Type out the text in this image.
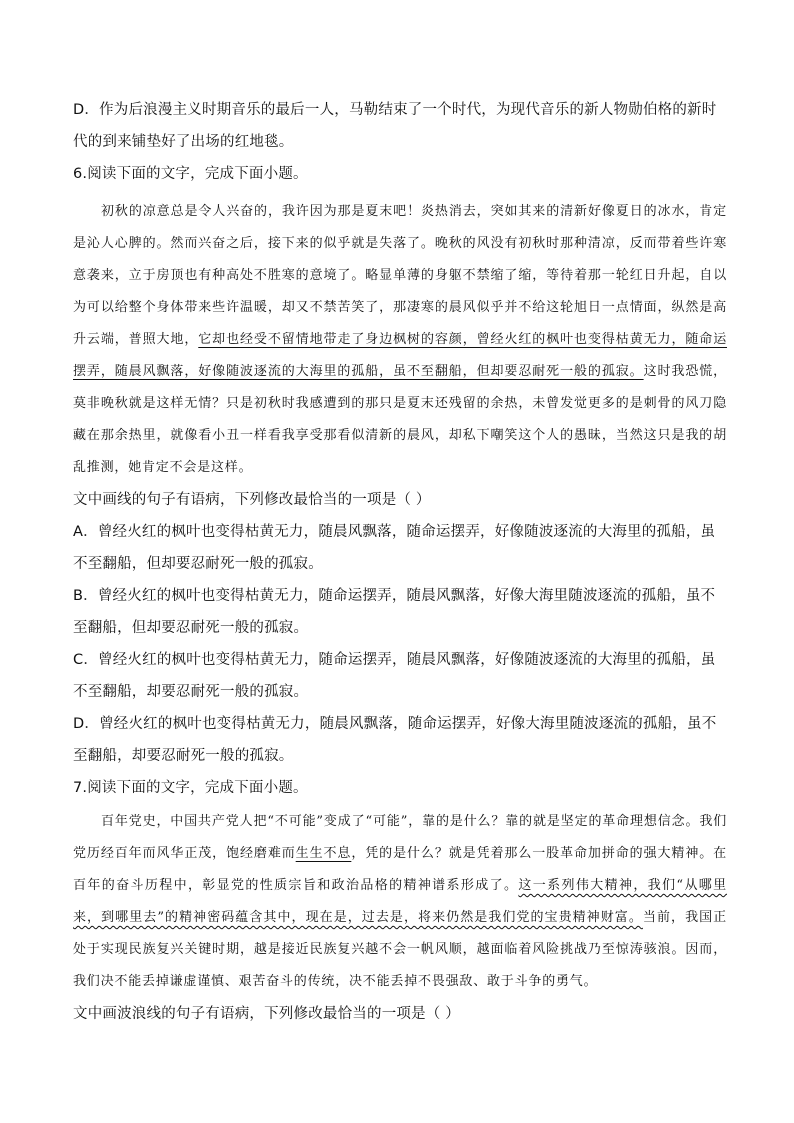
D．作为后浪漫主义时期音乐的最后一人，马勒结束了一个时代，为现代音乐的新人物勋伯格的新时代的到来铺垫好了出场的红地毯。

6.阅读下面的文字，完成下面小题。

初秋的凉意总是令人兴奋的，我许因为那是夏末吧！炎热消去，突如其来的清新好像夏日的冰水，肯定是沁人心脾的。然而兴奋之后，接下来的似乎就是失落了。晚秋的风没有初秋时那种清凉，反而带着些许寒意袭来，立于房顶也有种高处不胜寒的意境了。略显单薄的身躯不禁缩了缩，等待着那一轮红日升起，自以为可以给整个身体带来些许温暖，却又不禁苦笑了，那凄寒的晨风似乎并不给这轮旭日一点情面，纵然是高升云端，普照大地，它却也经受不留情地带走了身边枫树的容颜，曾经火红的枫叶也变得枯黄无力，随命运摆弄，随晨风飘落，好像随波逐流的大海里的孤船，虽不至翻船，但却要忍耐死一般的孤寂。这时我恐慌，莫非晚秋就是这样无情？只是初秋时我感遭到的那只是夏末还残留的余热，未曾发觉更多的是刺骨的风刀隐藏在那余热里，就像看小丑一样看我享受那看似清新的晨风，却私下嘲笑这个人的愚昧，当然这只是我的胡乱推测，她肯定不会是这样。

文中画线的句子有语病，下列修改最恰当的一项是（ ）

A．曾经火红的枫叶也变得枯黄无力，随晨风飘落，随命运摆弄，好像随波逐流的大海里的孤船，虽不至翻船，但却要忍耐死一般的孤寂。

B．曾经火红的枫叶也变得枯黄无力，随命运摆弄，随晨风飘落，好像大海里随波逐流的孤船，虽不至翻船，但却要忍耐死一般的孤寂。

C．曾经火红的枫叶也变得枯黄无力，随命运摆弄，随晨风飘落，好像随波逐流的大海里的孤船，虽不至翻船，却要忍耐死一般的孤寂。

D．曾经火红的枫叶也变得枯黄无力，随晨风飘落，随命运摆弄，好像大海里随波逐流的孤船，虽不至翻船，却要忍耐死一般的孤寂。

7.阅读下面的文字，完成下面小题。

百年党史，中国共产党人把“不可能”变成了“可能”，靠的是什么？靠的就是坚定的革命理想信念。我们党历经百年而风华正茂，饱经磨难而生生不息，凭的是什么？就是凭着那么一股革命加拼命的强大精神。在百年的奋斗历程中，彰显党的性质宗旨和政治品格的精神谱系形成了。这一系列伟大精神，我们“从哪里来，到哪里去”的精神密码蕴含其中，现在是，过去是，将来仍然是我们党的宝贵精神财富。当前，我国正处于实现民族复兴关键时期，越是接近民族复兴越不会一帆风顺，越面临着风险挑战乃至惊涛骇浪。因而，我们决不能丢掉谦虚谨慎、艰苦奋斗的传统，决不能丢掉不畏强敌、敢于斗争的勇气。

文中画波浪线的句子有语病，下列修改最恰当的一项是（ ）
